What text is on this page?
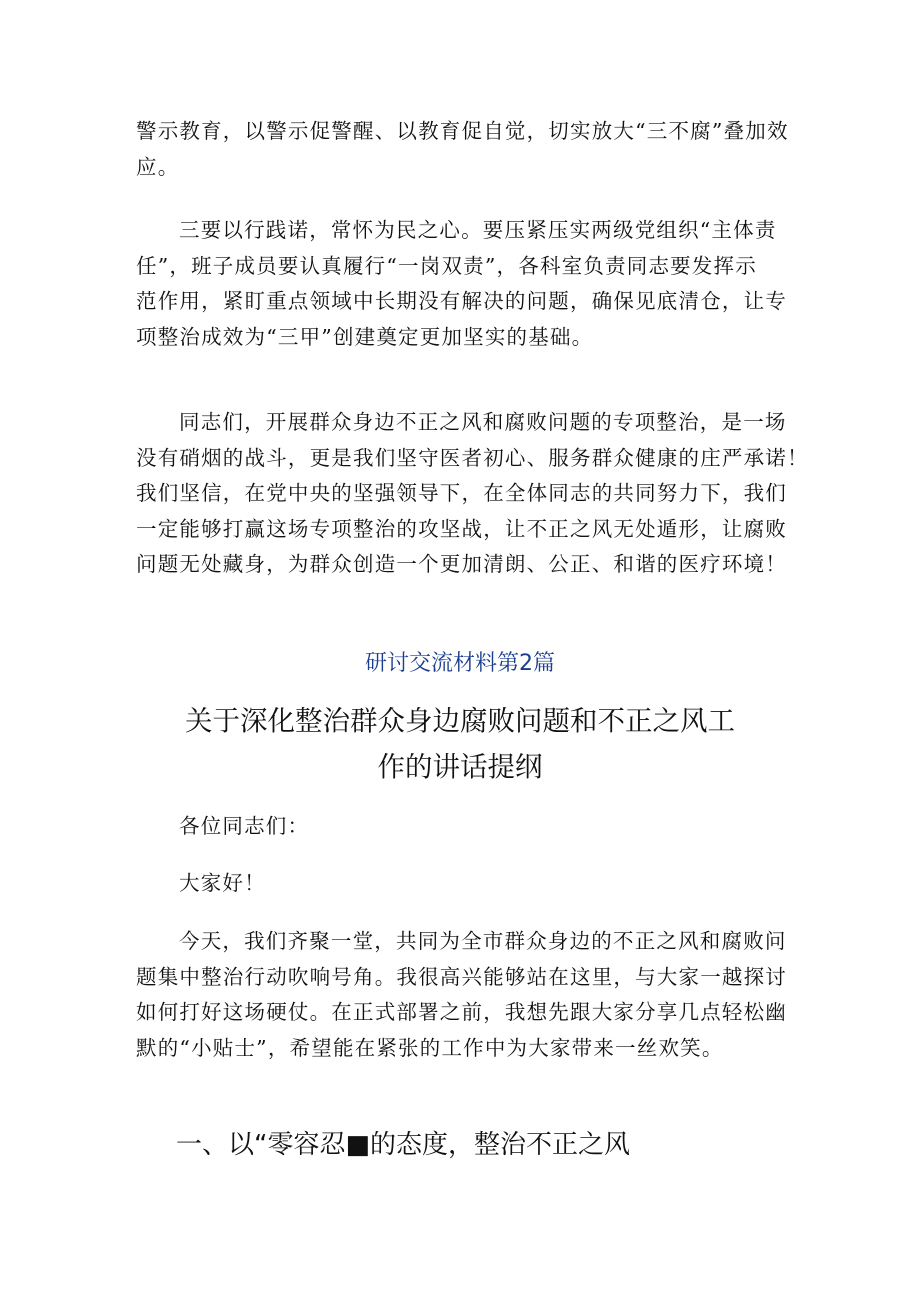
警示教育，以警示促警醒、以教育促自觉，切实放大“三不腐”叠加效
应。
三要以行践诺，常怀为民之心。要压紧压实两级党组织“主体责
任”，班子成员要认真履行“一岗双责”，各科室负责同志要发挥示
范作用，紧盯重点领域中长期没有解决的问题，确保见底清仓，让专
项整治成效为“三甲”创建奠定更加坚实的基础。
同志们，开展群众身边不正之风和腐败问题的专项整治，是一场
没有硝烟的战斗，更是我们坚守医者初心、服务群众健康的庄严承诺！
我们坚信，在党中央的坚强领导下，在全体同志的共同努力下，我们
一定能够打赢这场专项整治的攻坚战，让不正之风无处遁形，让腐败
问题无处藏身，为群众创造一个更加清朗、公正、和谐的医疗环境！
研讨交流材料第2篇
关于深化整治群众身边腐败问题和不正之风工
作的讲话提纲
各位同志们：
大家好！
今天，我们齐聚一堂，共同为全市群众身边的不正之风和腐败问
题集中整治行动吹响号角。我很高兴能够站在这里，与大家一越探讨
如何打好这场硬仗。在正式部署之前，我想先跟大家分享几点轻松幽
默的“小贴士”，希望能在紧张的工作中为大家带来一丝欢笑。
一、以“零容忍■的态度，整治不正之风
